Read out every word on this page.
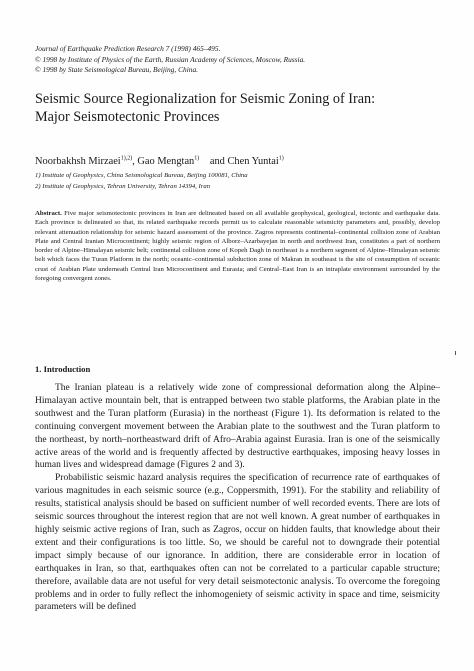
Journal of Earthquake Prediction Research 7 (1998) 465–495.
© 1998 by Institute of Physics of the Earth, Russian Academy of Sciences, Moscow, Russia.
© 1998 by State Seismological Bureau, Beijing, China.
Seismic Source Regionalization for Seismic Zoning of Iran:
Major Seismotectonic Provinces
Noorbakhsh Mirzaei$^{1),2)}$, Gao Mengtan$^{1)}$ and Chen Yuntai$^{1)}$
1) Institute of Geophysics, China Seismological Bureau, Beijing 100081, China
2) Institute of Geophysics, Tehran University, Tehran 14394, Iran

Abstract. Five major seismotectonic provinces in Iran are delineated based on all available geophysical, geological, tectonic and earthquake data. Each province is delineated so that, its related earthquake records permit us to calculate reasonable seismicity parameters and, possibly, develop relevant attenuation relationship for seismic hazard assessment of the province. Zagros represents continental–continental collision zone of Arabian Plate and Central Iranian Microcontinent; highly seismic region of Alborz–Azarbayejan in north and northwest Iran, constitutes a part of northern border of Alpine–Himalayan seismic belt; continental collision zone of Kopeh Dagh in northeast is a northern segment of Alpine–Himalayan seismic belt which faces the Turan Platform in the north; oceanic–continental subduction zone of Makran in southeast is the site of consumption of oceanic crust of Arabian Plate underneath Central Iran Microcontinent and Eurasia; and Central–East Iran is an intraplate environment surrounded by the foregoing convergent zones.

1. Introduction

The Iranian plateau is a relatively wide zone of compressional deformation along the Alpine–Himalayan active mountain belt, that is entrapped between two stable platforms, the Arabian plate in the southwest and the Turan platform (Eurasia) in the northeast (Figure 1). Its deformation is related to the continuing convergent movement between the Arabian plate to the southwest and the Turan platform to the northeast, by north–northeastward drift of Afro–Arabia against Eurasia. Iran is one of the seismically active areas of the world and is frequently affected by destructive earthquakes, imposing heavy losses in human lives and widespread damage (Figures 2 and 3).

Probabilistic seismic hazard analysis requires the specification of recurrence rate of earthquakes of various magnitudes in each seismic source (e.g., Coppersmith, 1991). For the stability and reliability of results, statistical analysis should be based on sufficient number of well recorded events. There are lots of seismic sources throughout the interest region that are not well known. A great number of earthquakes in highly seismic active regions of Iran, such as Zagros, occur on hidden faults, that knowledge about their extent and their configurations is too little. So, we should be careful not to downgrade their potential impact simply because of our ignorance. In addition, there are considerable error in location of earthquakes in Iran, so that, earthquakes often can not be correlated to a particular capable structure; therefore, available data are not useful for very detail seismotectonic analysis. To overcome the foregoing problems and in order to fully reflect the inhomogeniety of seismic activity in space and time, seismicity parameters will be defined
